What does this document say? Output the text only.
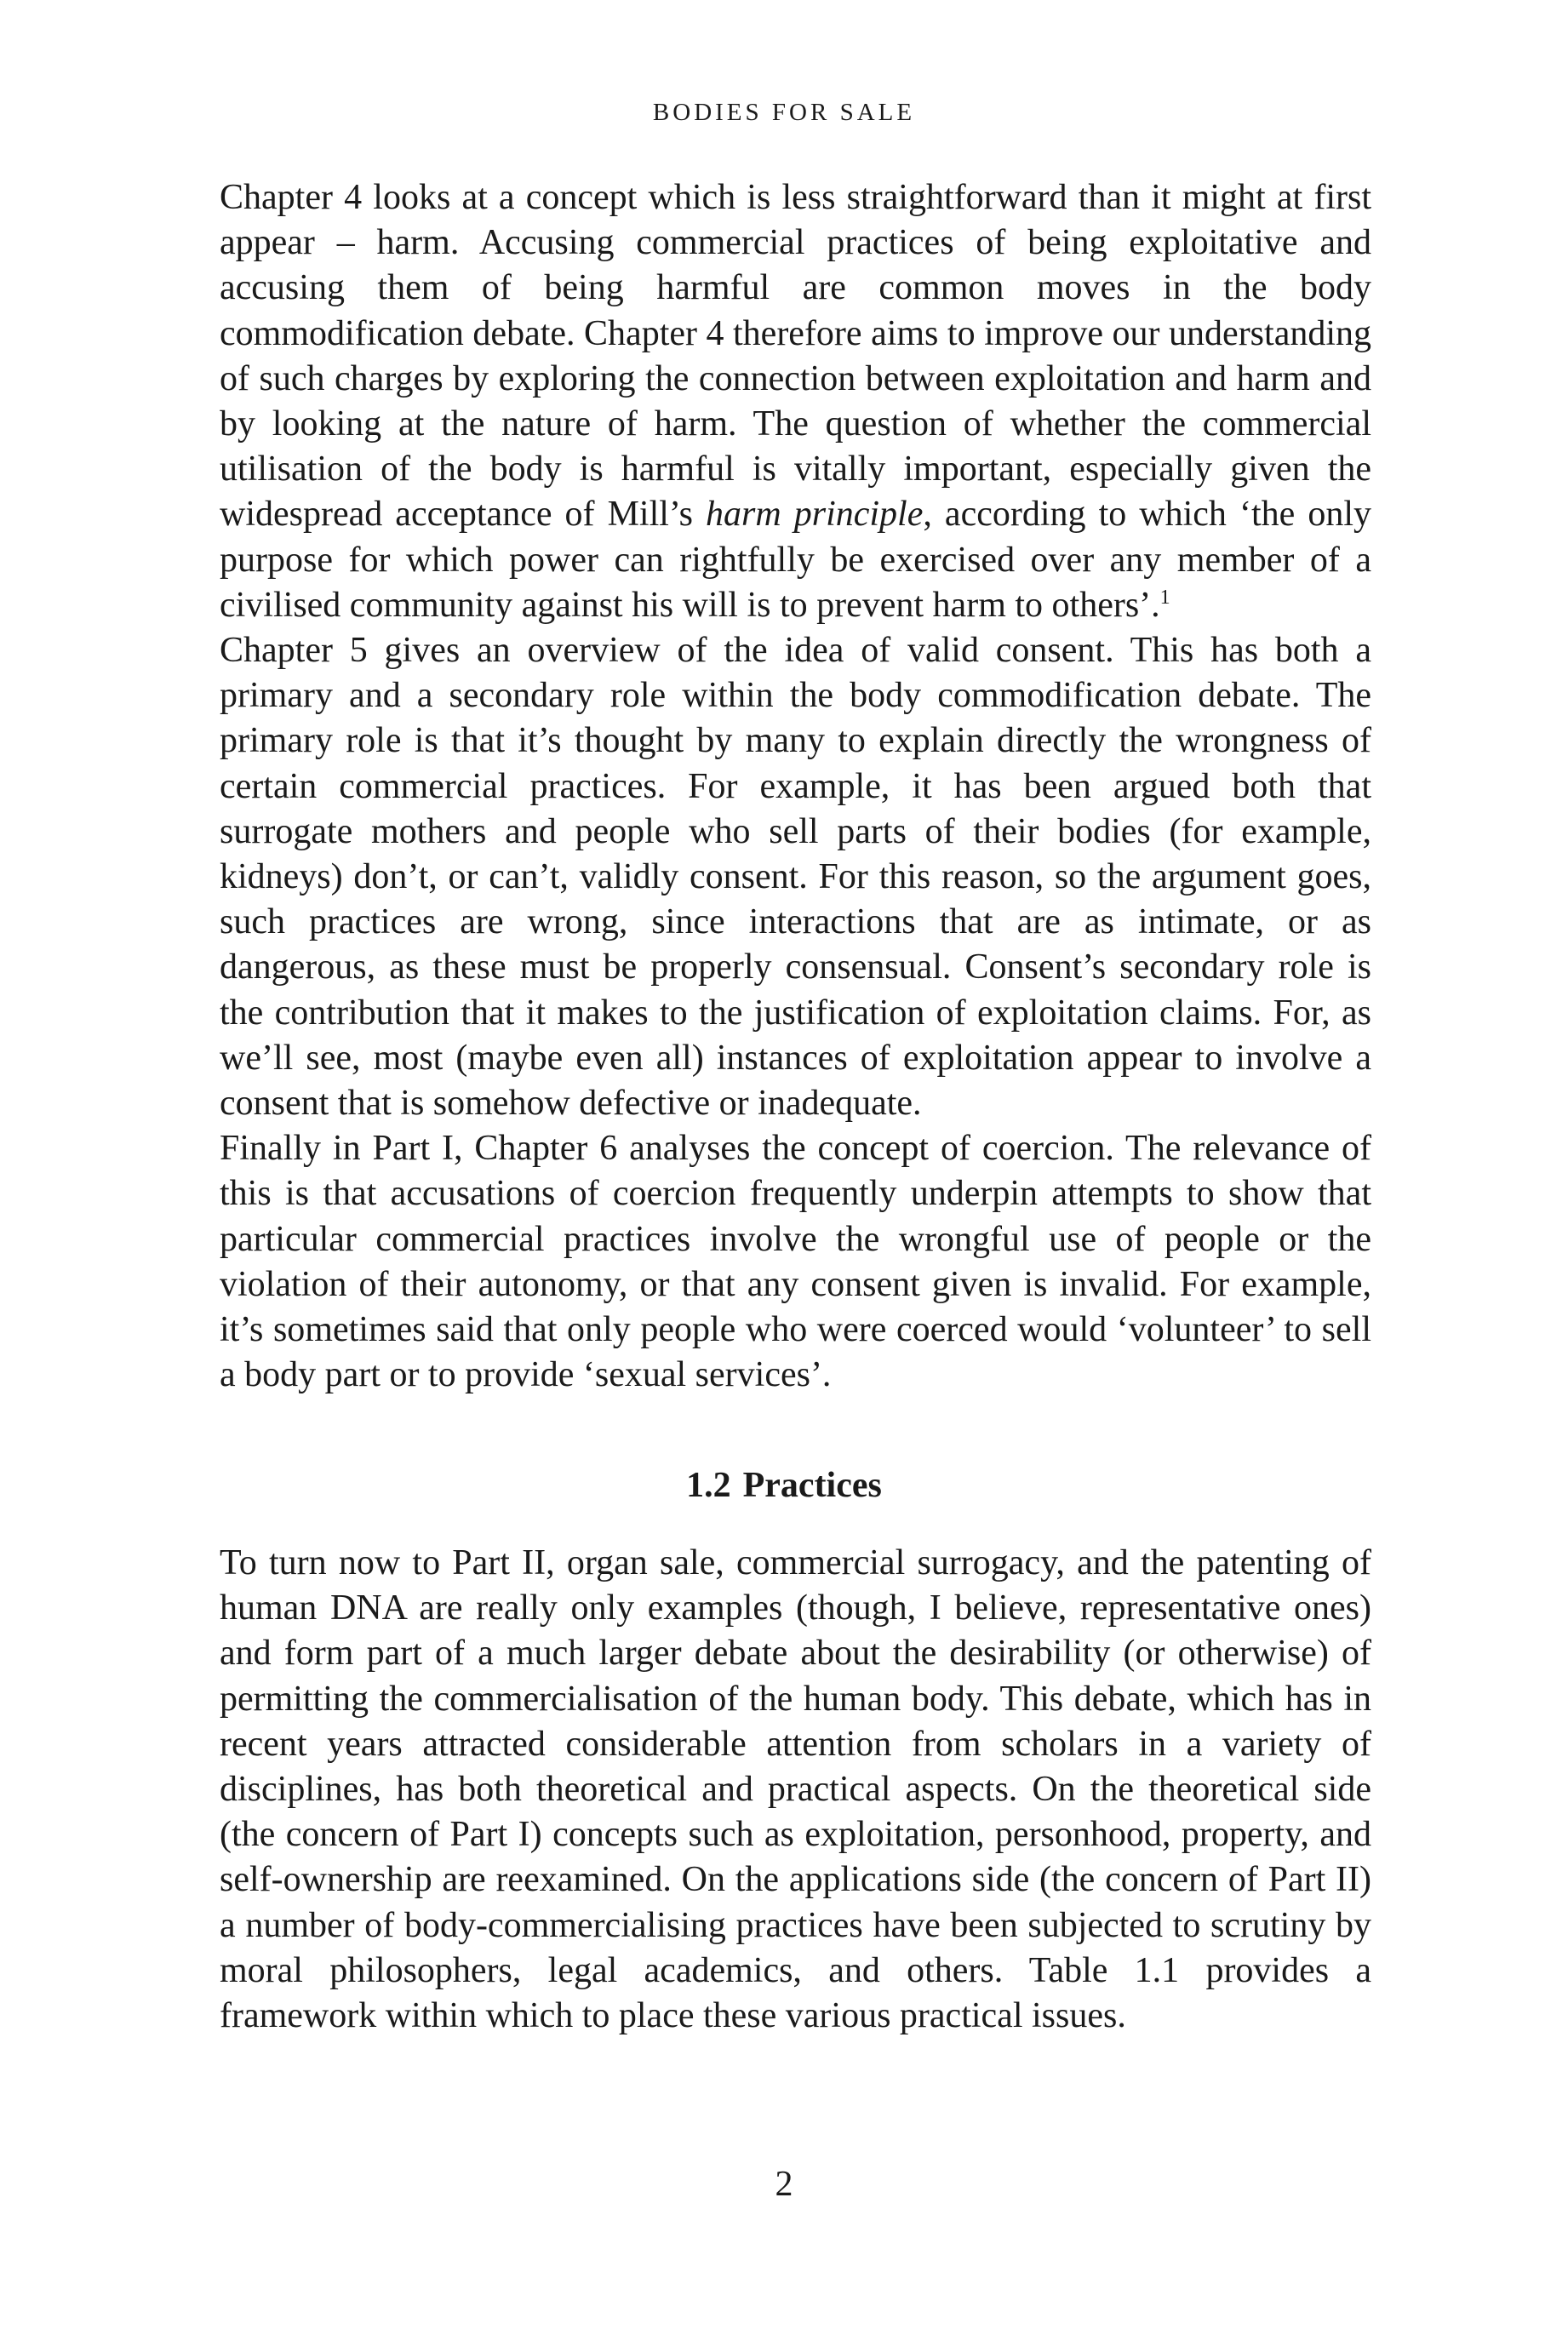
BODIES FOR SALE

Chapter 4 looks at a concept which is less straightforward than it might at first appear – harm. Accusing commercial practices of being exploitative and accusing them of being harmful are common moves in the body commodification debate. Chapter 4 therefore aims to improve our understanding of such charges by exploring the connection between exploitation and harm and by looking at the nature of harm. The question of whether the commercial utilisation of the body is harmful is vitally important, especially given the widespread acceptance of Mill’s harm principle, according to which ‘the only purpose for which power can rightfully be exercised over any member of a civilised community against his will is to prevent harm to others’.$^1$

Chapter 5 gives an overview of the idea of valid consent. This has both a primary and a secondary role within the body commodification debate. The primary role is that it’s thought by many to explain directly the wrongness of certain commercial practices. For example, it has been argued both that surrogate mothers and people who sell parts of their bodies (for example, kidneys) don’t, or can’t, validly consent. For this reason, so the argument goes, such practices are wrong, since interactions that are as intimate, or as dangerous, as these must be properly consensual. Consent’s secondary role is the contribution that it makes to the justification of exploitation claims. For, as we’ll see, most (maybe even all) instances of exploitation appear to involve a consent that is somehow defective or inadequate.

Finally in Part I, Chapter 6 analyses the concept of coercion. The relevance of this is that accusations of coercion frequently underpin attempts to show that particular commercial practices involve the wrongful use of people or the violation of their autonomy, or that any consent given is invalid. For example, it’s sometimes said that only people who were coerced would ‘volunteer’ to sell a body part or to provide ‘sexual services’.

1.2 Practices

To turn now to Part II, organ sale, commercial surrogacy, and the patenting of human DNA are really only examples (though, I believe, representative ones) and form part of a much larger debate about the desirability (or otherwise) of permitting the commercialisation of the human body. This debate, which has in recent years attracted considerable attention from scholars in a variety of disciplines, has both theoretical and practical aspects. On the theoretical side (the concern of Part I) concepts such as exploitation, personhood, property, and self-ownership are reexamined. On the applications side (the concern of Part II) a number of body-commercialising practices have been subjected to scrutiny by moral philosophers, legal academics, and others. Table 1.1 provides a framework within which to place these various practical issues.

2
